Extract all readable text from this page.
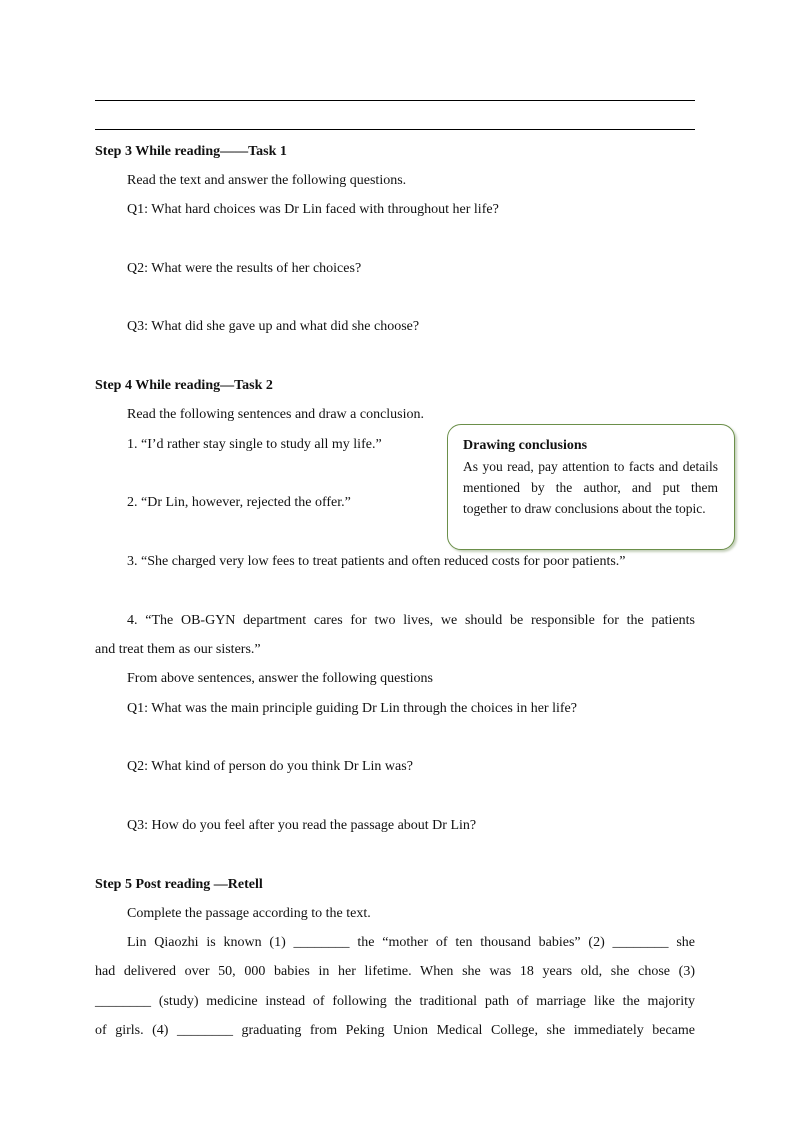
Step 3 While reading——Task 1
Read the text and answer the following questions.
Q1: What hard choices was Dr Lin faced with throughout her life?
Q2: What were the results of her choices?
Q3: What did she gave up and what did she choose?
Step 4 While reading—Task 2
Read the following sentences and draw a conclusion.
1. “I’d rather stay single to study all my life.”
2. “Dr Lin, however, rejected the offer.”
3. “She charged very low fees to treat patients and often reduced costs for poor patients.”
4. “The OB-GYN department cares for two lives, we should be responsible for the patients
and treat them as our sisters.”
From above sentences, answer the following questions
Q1: What was the main principle guiding Dr Lin through the choices in her life?
Q2: What kind of person do you think Dr Lin was?
Q3: How do you feel after you read the passage about Dr Lin?
Drawing conclusions
As you read, pay attention to facts and details mentioned by the author, and put them together to draw conclusions about the topic.
Step 5 Post reading —Retell
Complete the passage according to the text.
Lin Qiaozhi is known (1) ________ the “mother of ten thousand babies” (2) ________ she
had delivered over 50, 000 babies in her lifetime. When she was 18 years old, she chose (3)
________ (study) medicine instead of following the traditional path of marriage like the majority
of girls. (4) ________ graduating from Peking Union Medical College, she immediately became
